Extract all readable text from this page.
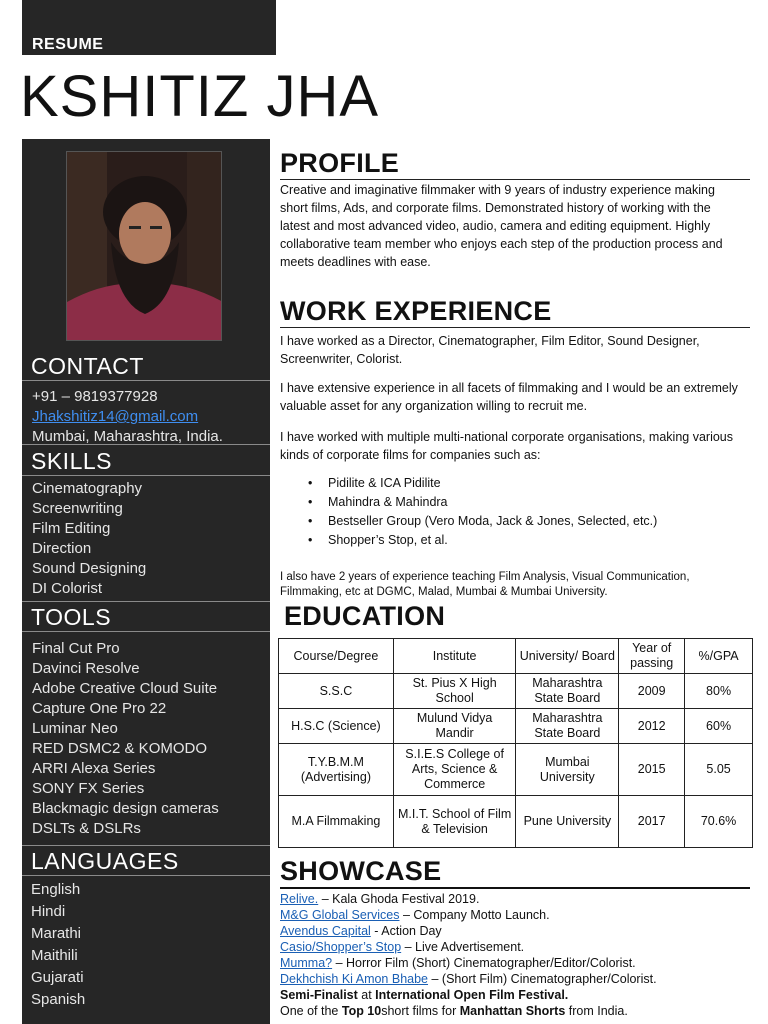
RESUME
KSHITIZ JHA
CONTACT
+91 – 9819377928
Jhakshitiz14@gmail.com
Mumbai, Maharashtra, India.
SKILLS
Cinematography
Screenwriting
Film Editing
Direction
Sound Designing
DI Colorist
TOOLS
Final Cut Pro
Davinci Resolve
Adobe Creative Cloud Suite
Capture One Pro 22
Luminar Neo
RED DSMC2 & KOMODO
ARRI Alexa Series
SONY FX Series
Blackmagic design cameras
DSLTs & DSLRs
LANGUAGES
English
Hindi
Marathi
Maithili
Gujarati
Spanish
PROFILE

Creative and imaginative filmmaker with 9 years of industry experience making short films, Ads, and corporate films. Demonstrated history of working with the latest and most advanced video, audio, camera and editing equipment. Highly collaborative team member who enjoys each step of the production process and meets deadlines with ease.

WORK EXPERIENCE

I have worked as a Director, Cinematographer, Film Editor, Sound Designer, Screenwriter, Colorist.

I have extensive experience in all facets of filmmaking and I would be an extremely valuable asset for any organization willing to recruit me.

I have worked with multiple multi-national corporate organisations, making various kinds of corporate films for companies such as:

• Pidilite & ICA Pidilite
• Mahindra & Mahindra
• Bestseller Group (Vero Moda, Jack & Jones, Selected, etc.)
• Shopper’s Stop, et al.

I also have 2 years of experience teaching Film Analysis, Visual Communication, Filmmaking, etc at DGMC, Malad, Mumbai & Mumbai University.

EDUCATION
Course/Degree	Institute	University/ Board	Year of passing	%/GPA
S.S.C	St. Pius X High School	Maharashtra State Board	2009	80%
H.S.C (Science)	Mulund Vidya Mandir	Maharashtra State Board	2012	60%
T.Y.B.M.M (Advertising)	S.I.E.S College of Arts, Science & Commerce	Mumbai University	2015	5.05
M.A Filmmaking	M.I.T. School of Film & Television	Pune University	2017	70.6%
SHOWCASE
Relive. – Kala Ghoda Festival 2019.
M&G Global Services – Company Motto Launch.
Avendus Capital - Action Day
Casio/Shopper’s Stop – Live Advertisement.
Mumma? – Horror Film (Short) Cinematographer/Editor/Colorist.
Dekhchish Ki Amon Bhabe – (Short Film) Cinematographer/Colorist.
Semi-Finalist at International Open Film Festival.
One of the Top 10short films for Manhattan Shorts from India.
